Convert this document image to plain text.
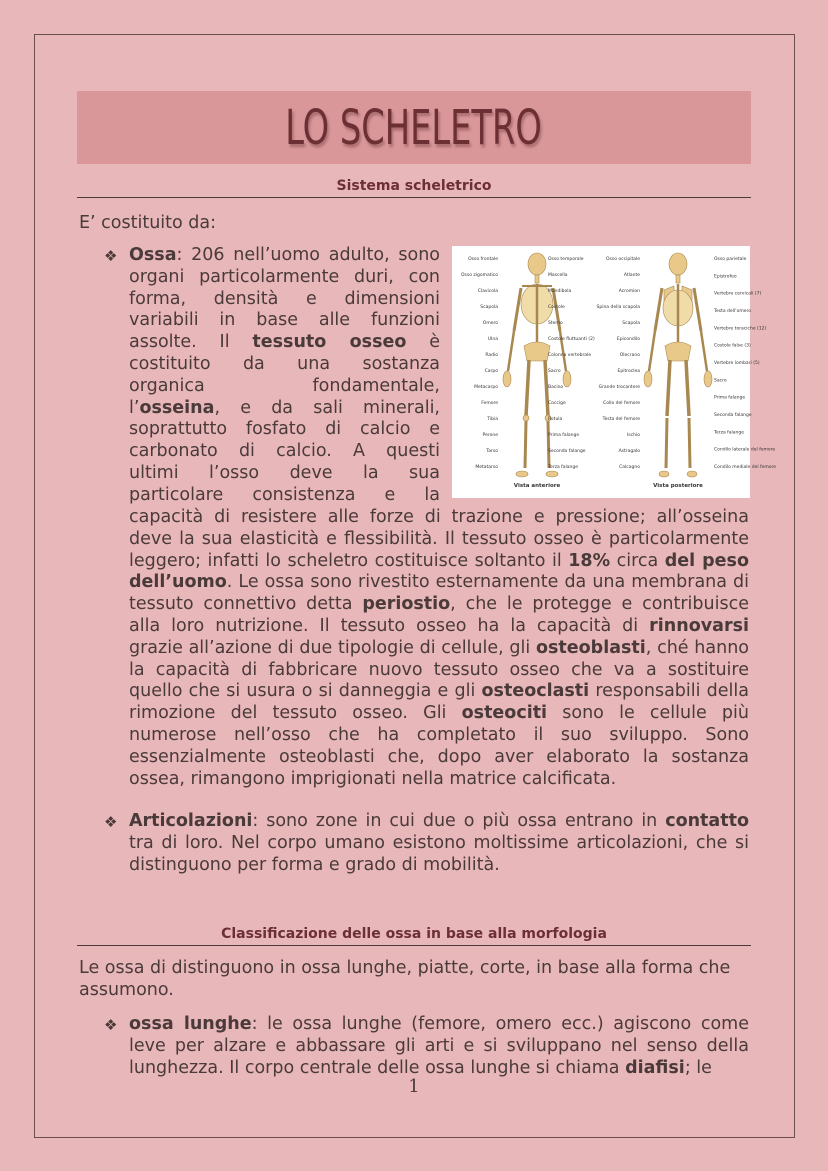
LO SCHELETRO
Sistema scheletrico
E’ costituito da:
❖ Ossa: 206 nell’uomo adulto, sono
organi particolarmente duri, con
forma, densità e dimensioni
variabili in base alle funzioni
assolte. Il tessuto osseo è
costituito da una sostanza
organica fondamentale,
l’osseina, e da sali minerali,
soprattutto fosfato di calcio e
carbonato di calcio. A questi
ultimi l’osso deve la sua
particolare consistenza e la
capacità di resistere alle forze di trazione e pressione; all’osseina deve la sua elasticità e flessibilità. Il tessuto osseo è particolarmente leggero; infatti lo scheletro costituisce soltanto il 18% circa del peso dell’uomo. Le ossa sono rivestito esternamente da una membrana di tessuto connettivo detta periostio, che le protegge e contribuisce alla loro nutrizione. Il tessuto osseo ha la capacità di rinnovarsi grazie all’azione di due tipologie di cellule, gli osteoblasti, ché hanno la capacità di fabbricare nuovo tessuto osseo che va a sostituire quello che si usura o si danneggia e gli osteoclasti responsabili della rimozione del tessuto osseo. Gli osteociti sono le cellule più numerose nell’osso che ha completato il suo sviluppo. Sono essenzialmente osteoblasti che, dopo aver elaborato la sostanza ossea, rimangono imprigionati nella matrice calcificata.
❖ Articolazioni: sono zone in cui due o più ossa entrano in contatto tra di loro. Nel corpo umano esistono moltissime articolazioni, che si distinguono per forma e grado di mobilità.
Osso frontale
Osso zigomatico
Clavicola
Scapola
Omero
Ulna
Radio
Carpo
Metacarpo
Femore
Tibia
Perone
Tarso
Metatarso
Osso temporale
Mascella
Mandibola
Costole
Sterno
Costole fluttuanti (2)
Colonna vertebrale
Sacro
Bacino
Coccige
Rotula
Prima falange
Seconda falange
Terza falange
Osso occipitale
Atlante
Acromion
Spina della scapola
Scapola
Epicondilo
Olecrano
Epitroclea
Grande trocantere
Collo del femore
Testa del femore
Ischio
Astragalo
Calcagno
Osso parietale
Epistrofeo
Vertebre cervicali (7)
Testa dell’omero
Vertebre toraciche (12)
Costole false (3)
Vertebre lombari (5)
Sacro
Prima falange
Seconda falange
Terza falange
Condilo laterale del femore
Condilo mediale del femore
Vista anteriore	Vista posteriore
Classificazione delle ossa in base alla morfologia
Le ossa di distinguono in ossa lunghe, piatte, corte, in base alla forma che assumono.
❖ ossa lunghe: le ossa lunghe (femore, omero ecc.) agiscono come leve per alzare e abbassare gli arti e si sviluppano nel senso della lunghezza. Il corpo centrale delle ossa lunghe si chiama diafisi; le
1
